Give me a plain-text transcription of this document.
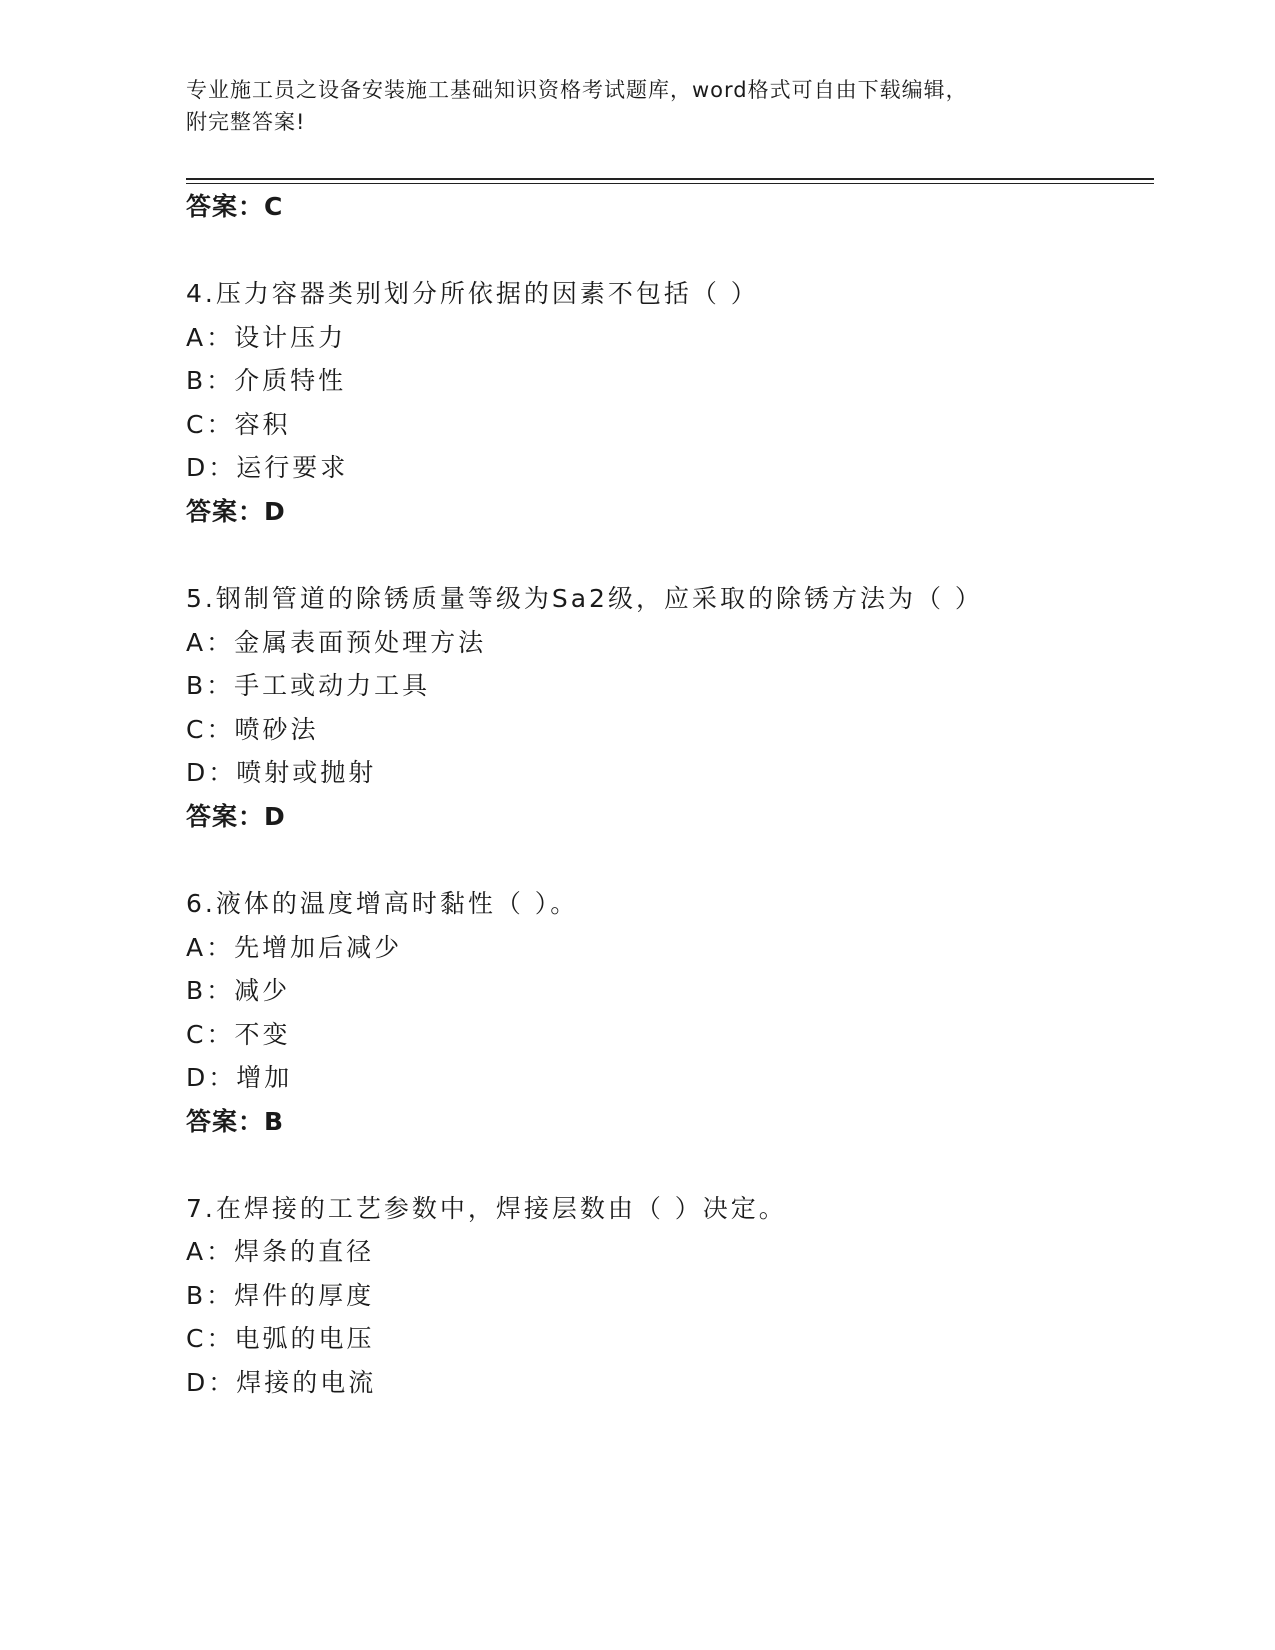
专业施工员之设备安装施工基础知识资格考试题库，word格式可自由下载编辑，
附完整答案!
答案：C
4.压力容器类别划分所依据的因素不包括（ ）
A：设计压力
B：介质特性
C：容积
D：运行要求
答案：D
5.钢制管道的除锈质量等级为Sa2级，应采取的除锈方法为（ ）
A：金属表面预处理方法
B：手工或动力工具
C：喷砂法
D：喷射或抛射
答案：D
6.液体的温度增高时黏性（ ）。
A：先增加后减少
B：减少
C：不变
D：增加
答案：B
7.在焊接的工艺参数中，焊接层数由（ ）决定。
A：焊条的直径
B：焊件的厚度
C：电弧的电压
D：焊接的电流
